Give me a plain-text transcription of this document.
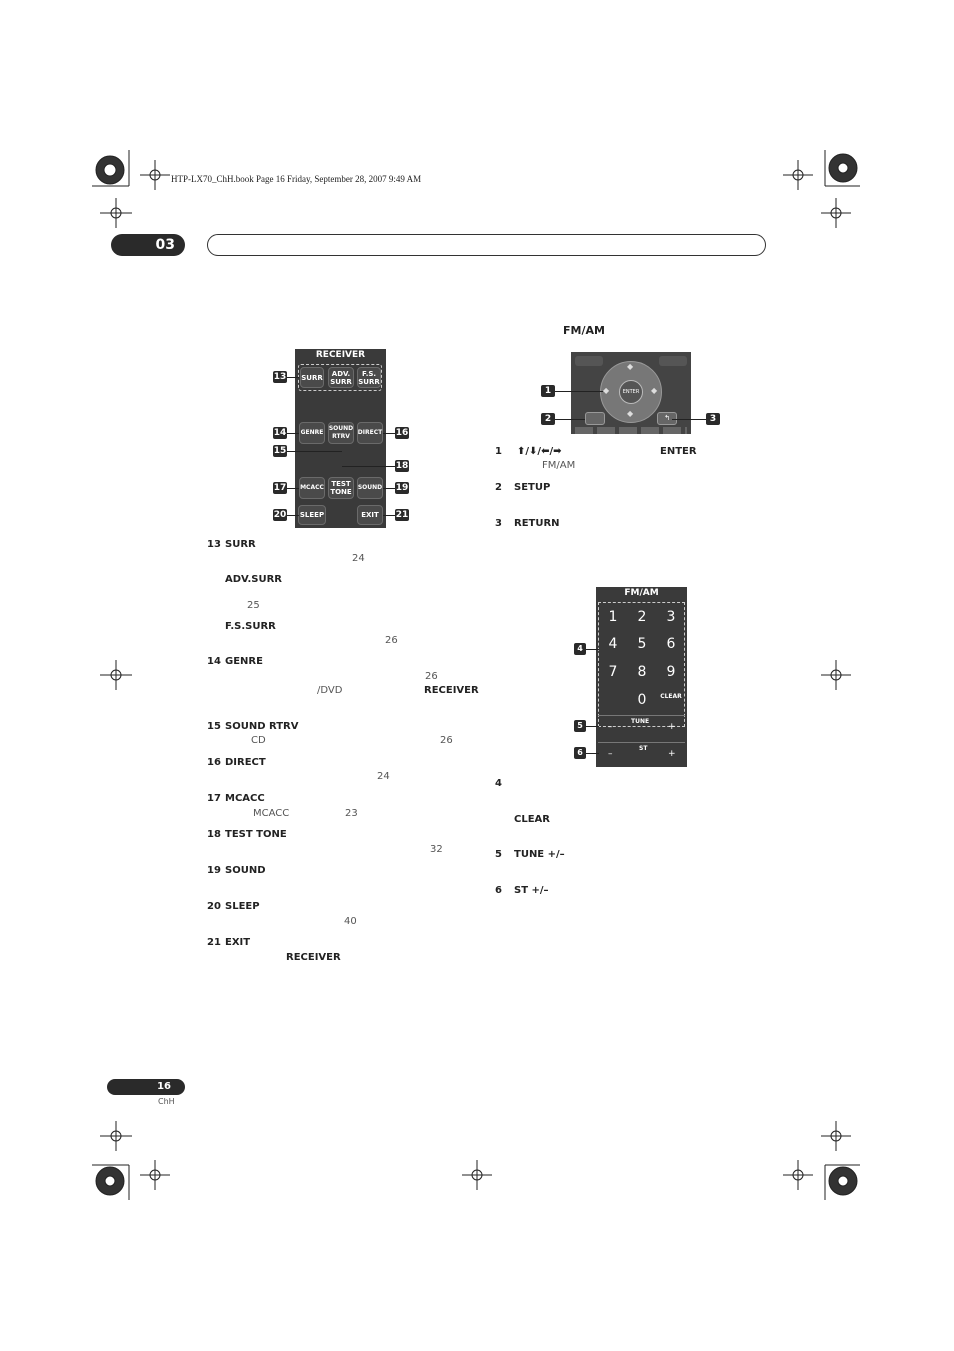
HTP-LX70_ChH.book Page 16 Friday, September 28, 2007 9:49 AM
03
RECEIVER
SURR ADV.
SURR
F.S.
SURR
GENRE
SOUND
RTRV
DIRECT
MCACC TEST
TONE
SOUND
SLEEP	EXIT
13
14
15
16
17
18
19
20	21
FM/AM
◆
◆
◆	◆
ENTER
↰
1
2	3
FM/AM
1	2	3
4	5	6
7	8	9
0	CLEAR
–
TUNE
+
–
ST
+
4
5
6
13 SURR
24
ADV.SURR
25
F.S.SURR
26
14 GENRE
26
/DVD	RECEIVER
15 SOUND RTRV
CD	26
16 DIRECT
24
17 MCACC
MCACC	23
18 TEST TONE
32
19 SOUND
20 SLEEP
40
21 EXIT
RECEIVER
1 ⬆/⬇/⬅/➡	ENTER
FM/AM
2 SETUP
3 RETURN
4
CLEAR
5 TUNE +/–
6 ST +/–
16
ChH
